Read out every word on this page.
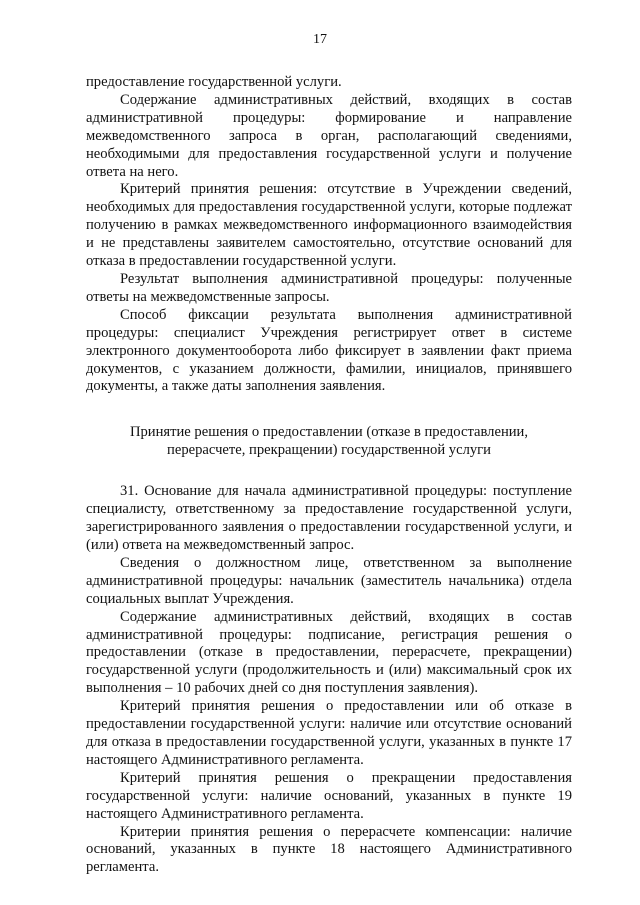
17

предоставление государственной услуги.

Содержание административных действий, входящих в состав административной процедуры: формирование и направление межведомственного запроса в орган, располагающий сведениями, необходимыми для предоставления государственной услуги и получение ответа на него.

Критерий принятия решения: отсутствие в Учреждении сведений, необходимых для предоставления государственной услуги, которые подлежат получению в рамках межведомственного информационного взаимодействия и не представлены заявителем самостоятельно, отсутствие оснований для отказа в предоставлении государственной услуги.

Результат выполнения административной процедуры: полученные ответы на межведомственные запросы.

Способ фиксации результата выполнения административной процедуры: специалист Учреждения регистрирует ответ в системе электронного документооборота либо фиксирует в заявлении факт приема документов, с указанием должности, фамилии, инициалов, принявшего документы, а также даты заполнения заявления.

Принятие решения о предоставлении (отказе в предоставлении,
перерасчете, прекращении) государственной услуги

31. Основание для начала административной процедуры: поступление специалисту, ответственному за предоставление государственной услуги, зарегистрированного заявления о предоставлении государственной услуги, и (или) ответа на межведомственный запрос.

Сведения о должностном лице, ответственном за выполнение административной процедуры: начальник (заместитель начальника) отдела социальных выплат Учреждения.

Содержание административных действий, входящих в состав административной процедуры: подписание, регистрация решения о предоставлении (отказе в предоставлении, перерасчете, прекращении) государственной услуги (продолжительность и (или) максимальный срок их выполнения – 10 рабочих дней со дня поступления заявления).

Критерий принятия решения о предоставлении или об отказе в предоставлении государственной услуги: наличие или отсутствие оснований для отказа в предоставлении государственной услуги, указанных в пункте 17 настоящего Административного регламента.

Критерий принятия решения о прекращении предоставления государственной услуги: наличие оснований, указанных в пункте 19 настоящего Административного регламента.

Критерии принятия решения о перерасчете компенсации: наличие оснований, указанных в пункте 18 настоящего Административного регламента.
